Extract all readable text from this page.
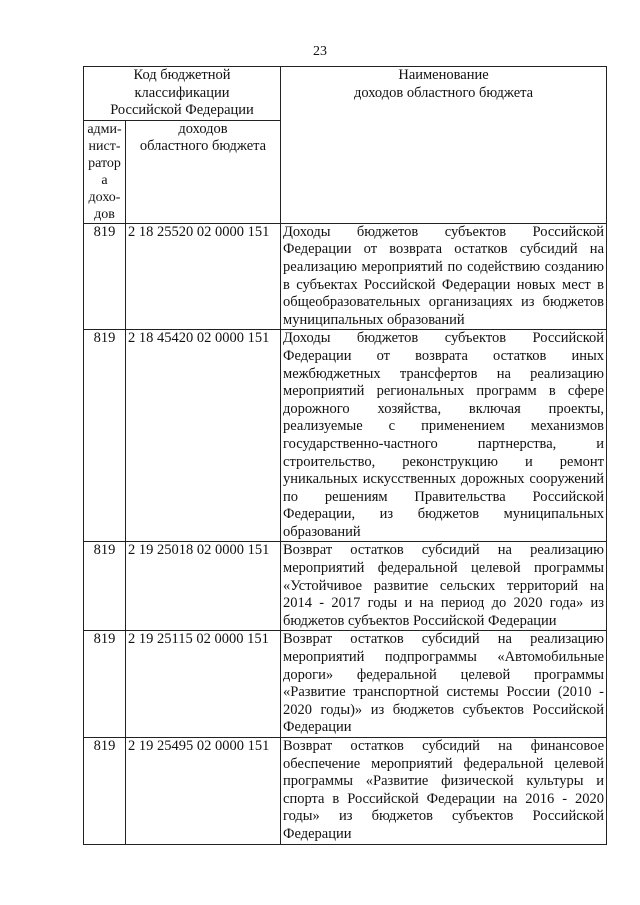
23
Код бюджетной
классификации
Российской Федерации		Наименование
доходов областного бюджета

адми-
нист-
ратора
дохо-
дов	доходов
областного бюджета	

819	2 18 25520 02 0000 151	Доходы бюджетов субъектов Российской Федерации от возврата остатков субсидий на реализацию мероприятий по содействию созданию в субъектах Российской Федерации новых мест в общеобразовательных организациях из бюджетов муниципальных образований
819	2 18 45420 02 0000 151	Доходы бюджетов субъектов Российской Федерации от возврата остатков иных межбюджетных трансфертов на реализацию мероприятий региональных программ в сфере дорожного хозяйства, включая проекты, реализуемые с применением механизмов государственно-частного партнерства, и строительство, реконструкцию и ремонт уникальных искусственных дорожных сооружений по решениям Правительства Российской Федерации, из бюджетов муниципальных образований
819	2 19 25018 02 0000 151	Возврат остатков субсидий на реализацию мероприятий федеральной целевой программы «Устойчивое развитие сельских территорий на 2014 - 2017 годы и на период до 2020 года» из бюджетов субъектов Российской Федерации
819	2 19 25115 02 0000 151	Возврат остатков субсидий на реализацию мероприятий подпрограммы «Автомобильные дороги» федеральной целевой программы «Развитие транспортной системы России (2010 - 2020 годы)» из бюджетов субъектов Российской Федерации
819	2 19 25495 02 0000 151	Возврат остатков субсидий на финансовое обеспечение мероприятий федеральной целевой программы «Развитие физической культуры и спорта в Российской Федерации на 2016 - 2020 годы» из бюджетов субъектов Российской Федерации
